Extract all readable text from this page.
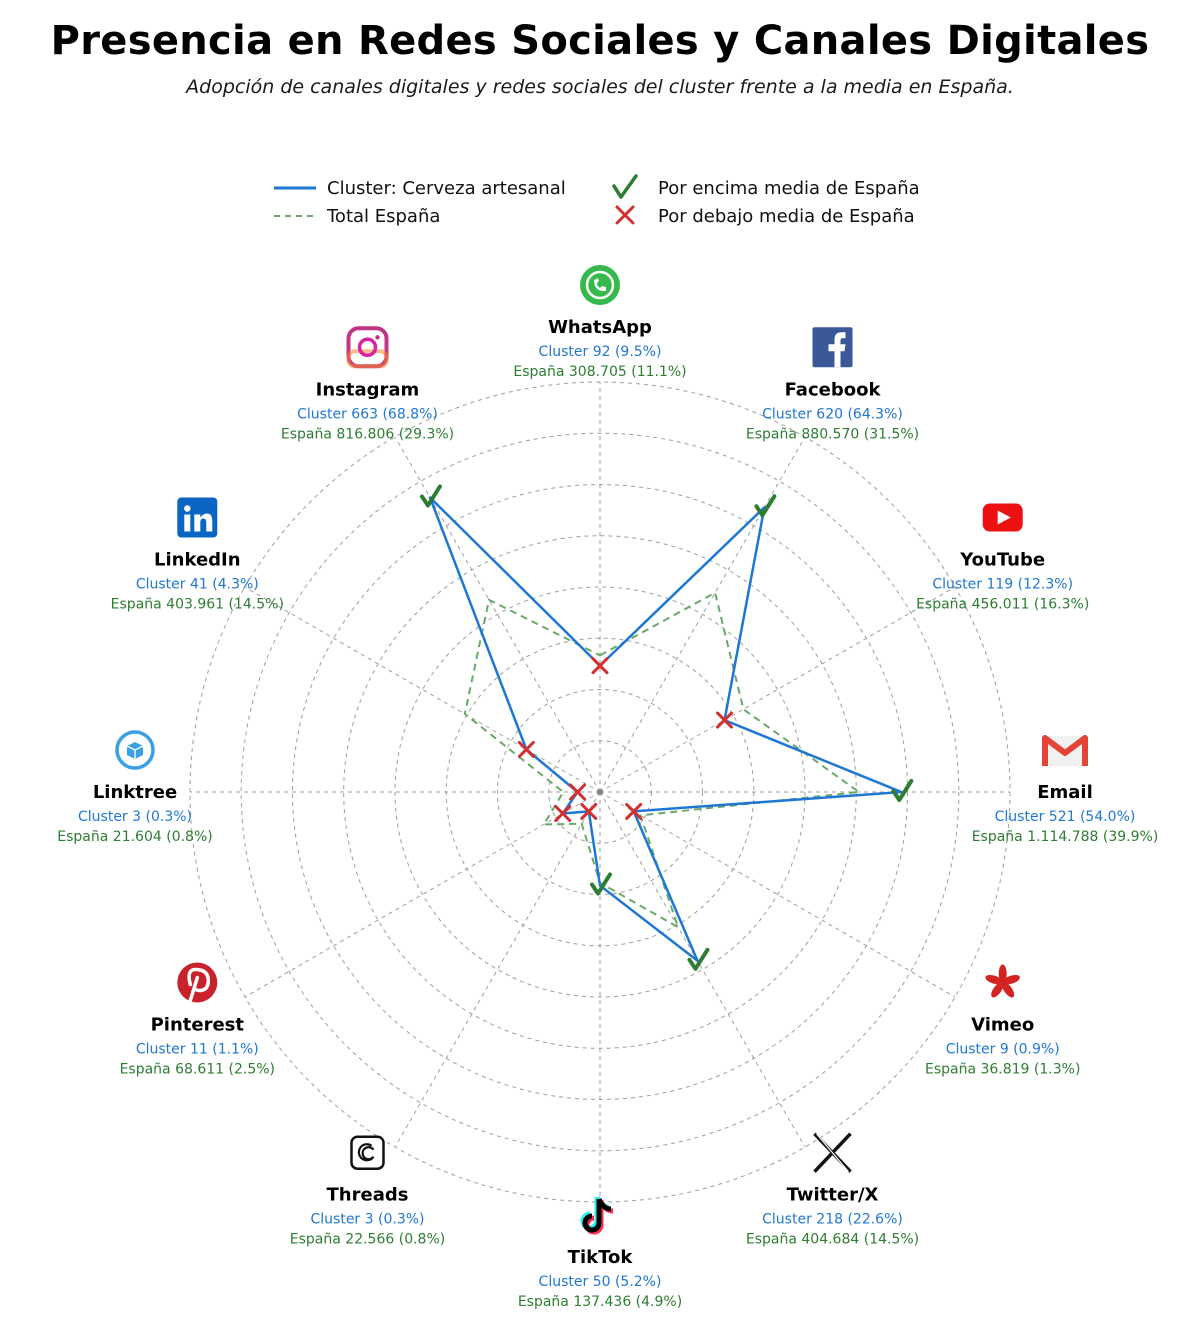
Presencia en Redes Sociales y Canales Digitales
Adopción de canales digitales y redes sociales del cluster frente a la media en España.
Cluster: Cerveza artesanal
Total España
Por encima media de España
Por debajo media de España
WhatsApp
Cluster 92 (9.5%)
España 308.705 (11.1%)
Facebook
Cluster 620 (64.3%)
España 880.570 (31.5%)
YouTube
Cluster 119 (12.3%)
España 456.011 (16.3%)
Email
Cluster 521 (54.0%)
España 1.114.788 (39.9%)
Vimeo
Cluster 9 (0.9%)
España 36.819 (1.3%)
Twitter/X
Cluster 218 (22.6%)
España 404.684 (14.5%)
TikTok
Cluster 50 (5.2%)
España 137.436 (4.9%)
Threads
Cluster 3 (0.3%)
España 22.566 (0.8%)
Pinterest
Cluster 11 (1.1%)
España 68.611 (2.5%)
Linktree
Cluster 3 (0.3%)
España 21.604 (0.8%)
LinkedIn
Cluster 41 (4.3%)
España 403.961 (14.5%)
Instagram
Cluster 663 (68.8%)
España 816.806 (29.3%)
